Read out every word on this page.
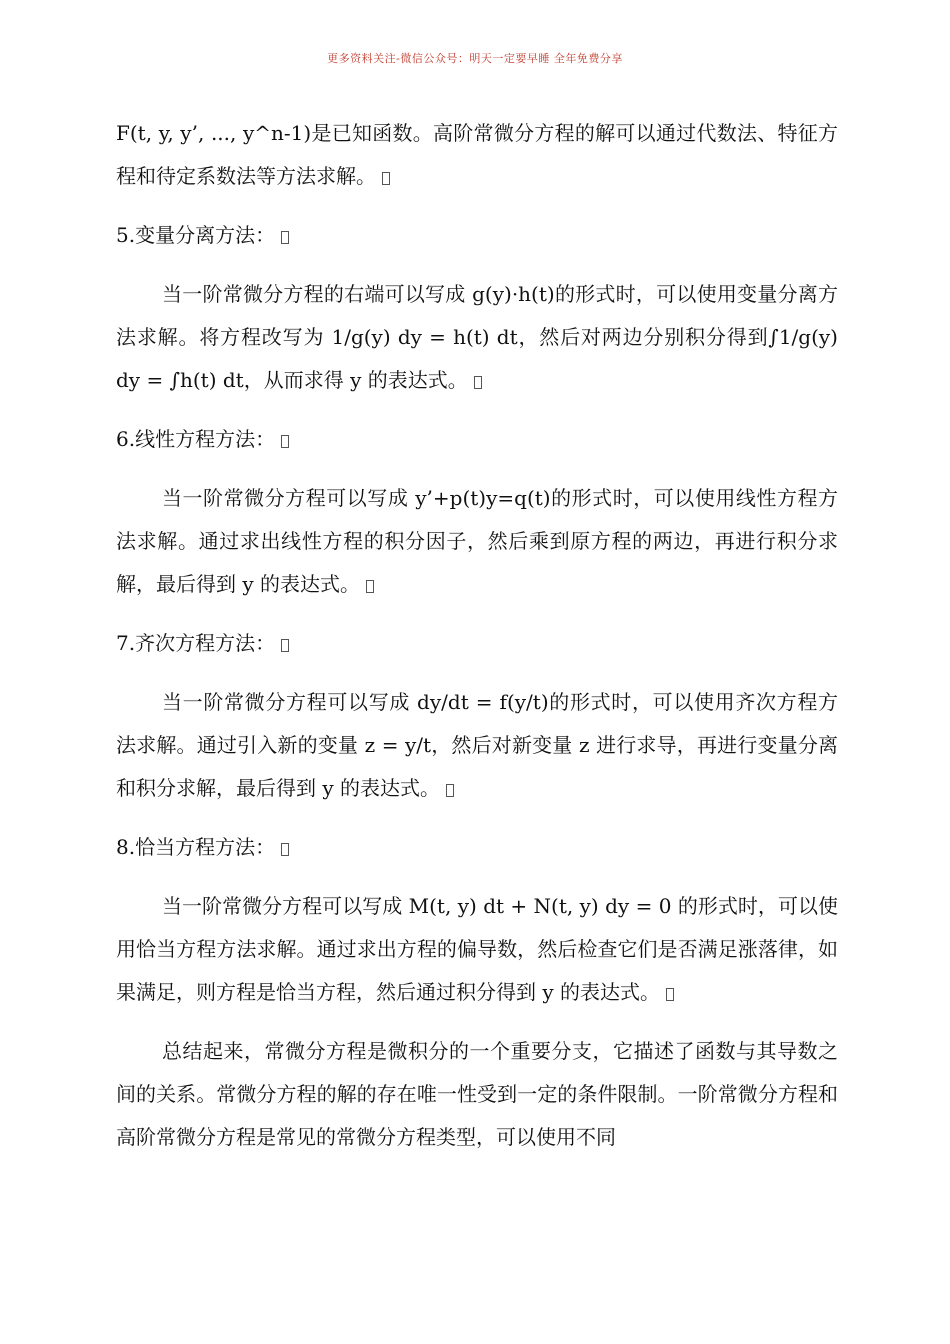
更多资料关注-微信公众号：明天一定要早睡 全年免费分享

F(t, y, y’, ..., y^n-1)是已知函数。高阶常微分方程的解可以通过代数法、特征方程和待定系数法等方法求解。

5.变量分离方法：

当一阶常微分方程的右端可以写成 g(y)·h(t)的形式时，可以使用变量分离方法求解。将方程改写为 1/g(y) dy = h(t) dt，然后对两边分别积分得到∫1/g(y) dy = ∫h(t) dt，从而求得 y 的表达式。

6.线性方程方法：

当一阶常微分方程可以写成 y’+p(t)y=q(t)的形式时，可以使用线性方程方法求解。通过求出线性方程的积分因子，然后乘到原方程的两边，再进行积分求解，最后得到 y 的表达式。

7.齐次方程方法：

当一阶常微分方程可以写成 dy/dt = f(y/t)的形式时，可以使用齐次方程方法求解。通过引入新的变量 z = y/t，然后对新变量 z 进行求导，再进行变量分离和积分求解，最后得到 y 的表达式。

8.恰当方程方法：

当一阶常微分方程可以写成 M(t, y) dt + N(t, y) dy = 0 的形式时，可以使用恰当方程方法求解。通过求出方程的偏导数，然后检查它们是否满足涨落律，如果满足，则方程是恰当方程，然后通过积分得到 y 的表达式。

总结起来，常微分方程是微积分的一个重要分支，它描述了函数与其导数之间的关系。常微分方程的解的存在唯一性受到一定的条件限制。一阶常微分方程和高阶常微分方程是常见的常微分方程类型，可以使用不同
